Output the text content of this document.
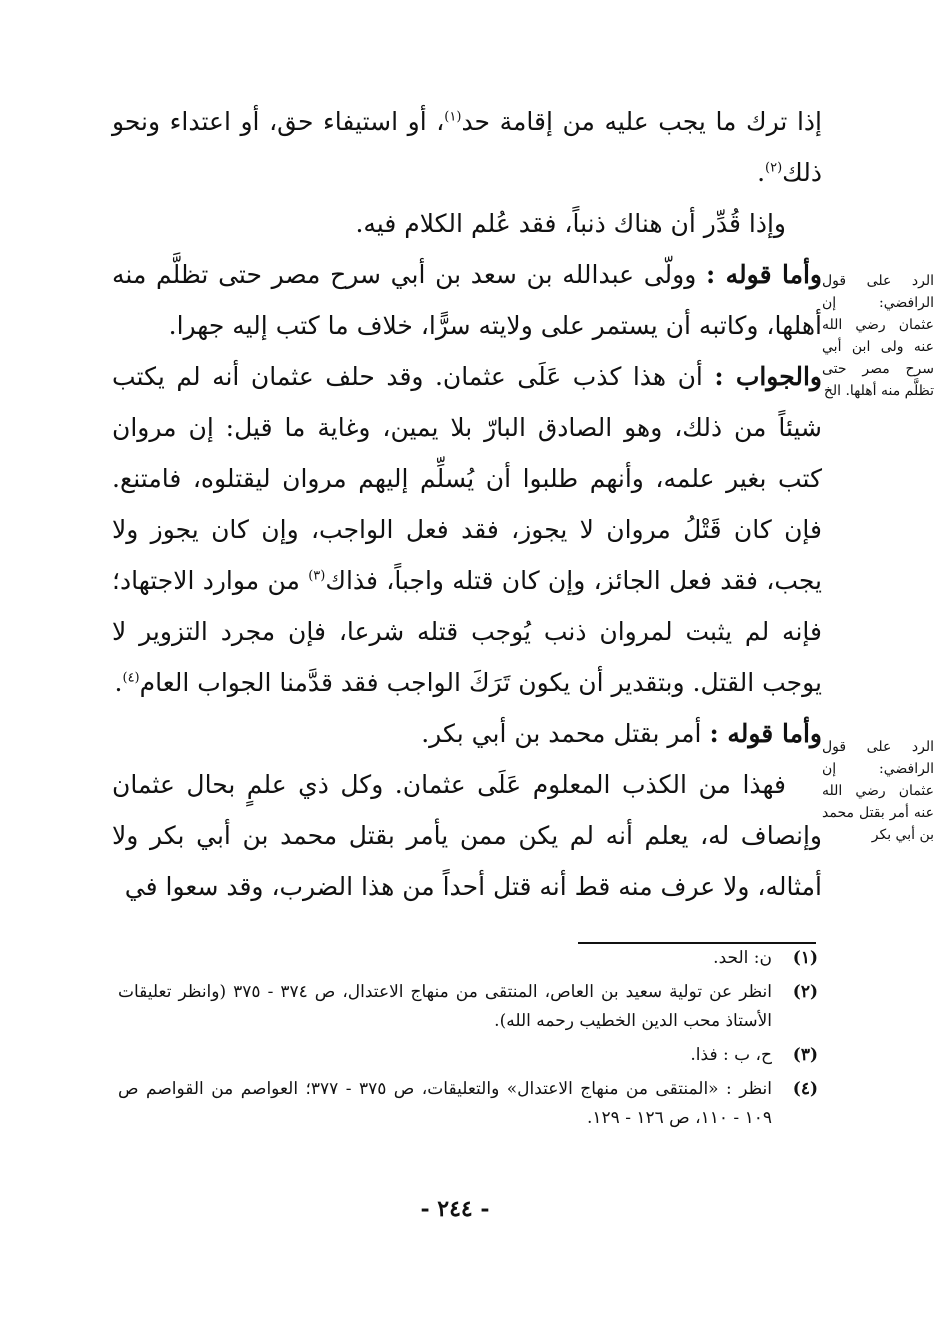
إذا ترك ما يجب عليه من إقامة حد$^{(١)}$، أو استيفاء حق، أو اعتداء ونحو ذلك$^{(٢)}$.

وإذا قُدِّر أن هناك ذنباً، فقد عُلم الكلام فيه.

وأما قوله : وولّى عبدالله بن سعد بن أبي سرح مصر حتى تظلَّم منه أهلها، وكاتبه أن يستمر على ولايته سرًّا، خلاف ما كتب إليه جهرا.

والجواب : أن هذا كذب عَلَى عثمان. وقد حلف عثمان أنه لم يكتب شيئاً من ذلك، وهو الصادق البارّ بلا يمين، وغاية ما قيل: إن مروان كتب بغير علمه، وأنهم طلبوا أن يُسلِّم إليهم مروان ليقتلوه، فامتنع. فإن كان قَتْلُ مروان لا يجوز، فقد فعل الواجب، وإن كان يجوز ولا يجب، فقد فعل الجائز، وإن كان قتله واجباً، فذاك$^{(٣)}$ من موارد الاجتهاد؛ فإنه لم يثبت لمروان ذنب يُوجب قتله شرعا، فإن مجرد التزوير لا يوجب القتل. وبتقدير أن يكون تَرَكَ الواجب فقد قدَّمنا الجواب العام$^{(٤)}$.

وأما قوله : أمر بقتل محمد بن أبي بكر.

فهذا من الكذب المعلوم عَلَى عثمان. وكل ذي علمٍ بحال عثمان وإنصاف له، يعلم أنه لم يكن ممن يأمر بقتل محمد بن أبي بكر ولا أمثاله، ولا عرف منه قط أنه قتل أحداً من هذا الضرب، وقد سعوا في

الرد على قول الرافضي: إن عثمان رضي الله عنه ولى ابن أبي سرح مصر حتى تظلَّم منه أهلها. الخ
الرد على قول الرافضي: إن عثمان رضي الله عنه أمر بقتل محمد بن أبي بكر
(١)
ن: الحد.
(٢)
انظر عن تولية سعيد بن العاص، المنتقى من منهاج الاعتدال، ص ٣٧٤ - ٣٧٥ (وانظر تعليقات الأستاذ محب الدين الخطيب رحمه الله).
(٣)
ح، ب : فذا.
(٤)
انظر : «المنتقى من منهاج الاعتدال» والتعليقات، ص ٣٧٥ - ٣٧٧؛ العواصم من القواصم ص ١٠٩ - ١١٠، ص ١٢٦ - ١٢٩.
- ٢٤٤ -
